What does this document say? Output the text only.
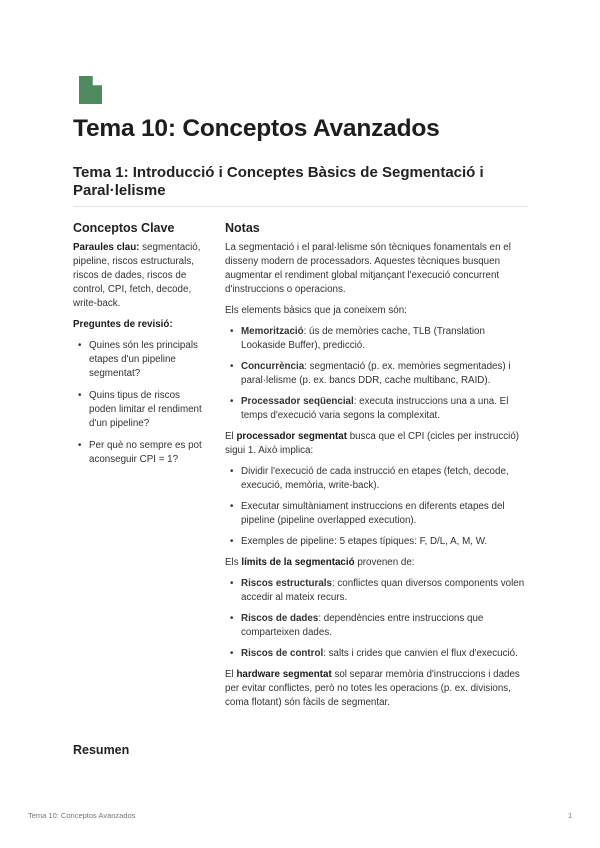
Tema 10: Conceptos Avanzados
Tema 1: Introducció i Conceptes Bàsics de Segmentació i Paral·lelisme
Conceptos Clave

Paraules clau: segmentació, pipeline, riscos estructurals, riscos de dades, riscos de control, CPI, fetch, decode, write-back.

Preguntes de revisió:

• Quines són les principals etapes d'un pipeline segmentat?
• Quins tipus de riscos poden limitar el rendiment d'un pipeline?
• Per què no sempre es pot aconseguir CPI = 1?
Notas

La segmentació i el paral·lelisme són tècniques fonamentals en el disseny modern de processadors. Aquestes tècniques busquen augmentar el rendiment global mitjançant l'execució concurrent d'instruccions o operacions.

Els elements bàsics que ja coneixem són:

• Memorització: ús de memòries cache, TLB (Translation Lookaside Buffer), predicció.
• Concurrència: segmentació (p. ex. memòries segmentades) i paral·lelisme (p. ex. bancs DDR, cache multibanc, RAID).
• Processador seqüencial: executa instruccions una a una. El temps d'execució varia segons la complexitat.

El processador segmentat busca que el CPI (cicles per instrucció) sigui 1. Això implica:

• Dividir l'execució de cada instrucció en etapes (fetch, decode, execució, memòria, write-back).
• Executar simultàniament instruccions en diferents etapes del pipeline (pipeline overlapped execution).
• Exemples de pipeline: 5 etapes típiques: F, D/L, A, M, W.

Els límits de la segmentació provenen de:

• Riscos estructurals: conflictes quan diversos components volen accedir al mateix recurs.
• Riscos de dades: dependències entre instruccions que comparteixen dades.
• Riscos de control: salts i crides que canvien el flux d'execució.

El hardware segmentat sol separar memòria d'instruccions i dades per evitar conflictes, però no totes les operacions (p. ex. divisions, coma flotant) són fàcils de segmentar.

Resumen
Tema 10: Conceptos Avanzados	1
